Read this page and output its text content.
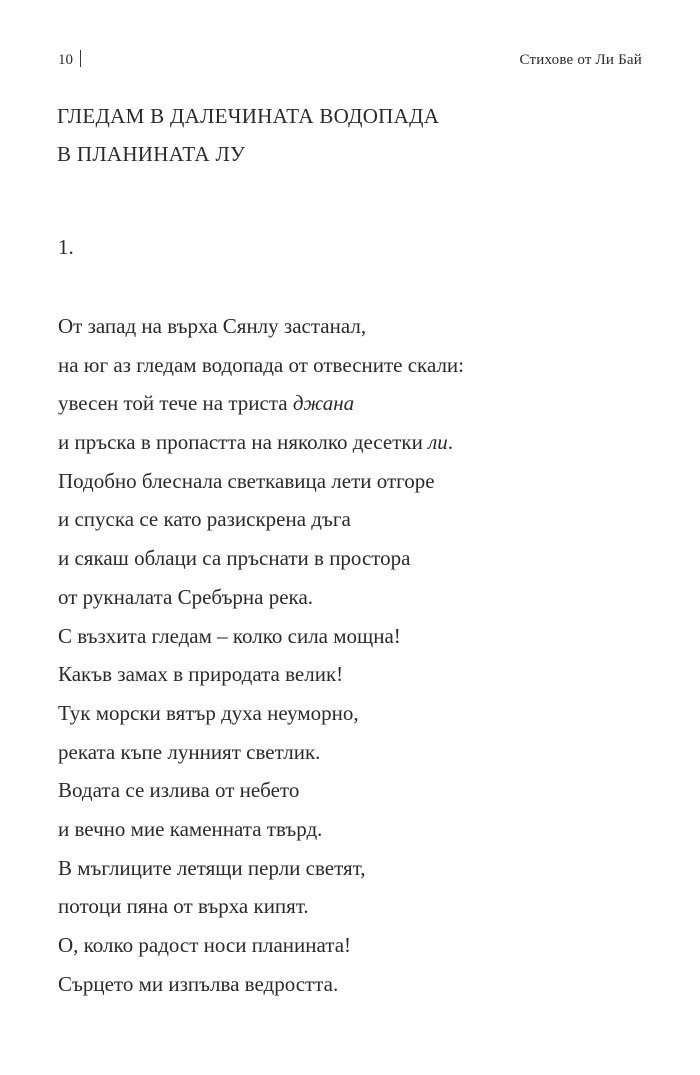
10	Стихове от Ли Бай
ГЛЕДАМ В ДАЛЕЧИНАТА ВОДОПАДА
В ПЛАНИНАТА ЛУ
1.
От запад на върха Сянлу застанал,
на юг аз гледам водопада от отвесните скали:
увесен той тече на триста джана
и пръска в пропастта на няколко десетки ли.
Подобно блеснала светкавица лети отгоре
и спуска се като разискрена дъга
и сякаш облаци са пръснати в простора
от рукналата Сребърна река.
С възхита гледам – колко сила мощна!
Какъв замах в природата велик!
Тук морски вятър духа неуморно,
реката къпе лунният светлик.
Водата се излива от небето
и вечно мие каменната твърд.
В мъглиците летящи перли светят,
потоци пяна от върха кипят.
О, колко радост носи планината!
Сърцето ми изпълва ведростта.
